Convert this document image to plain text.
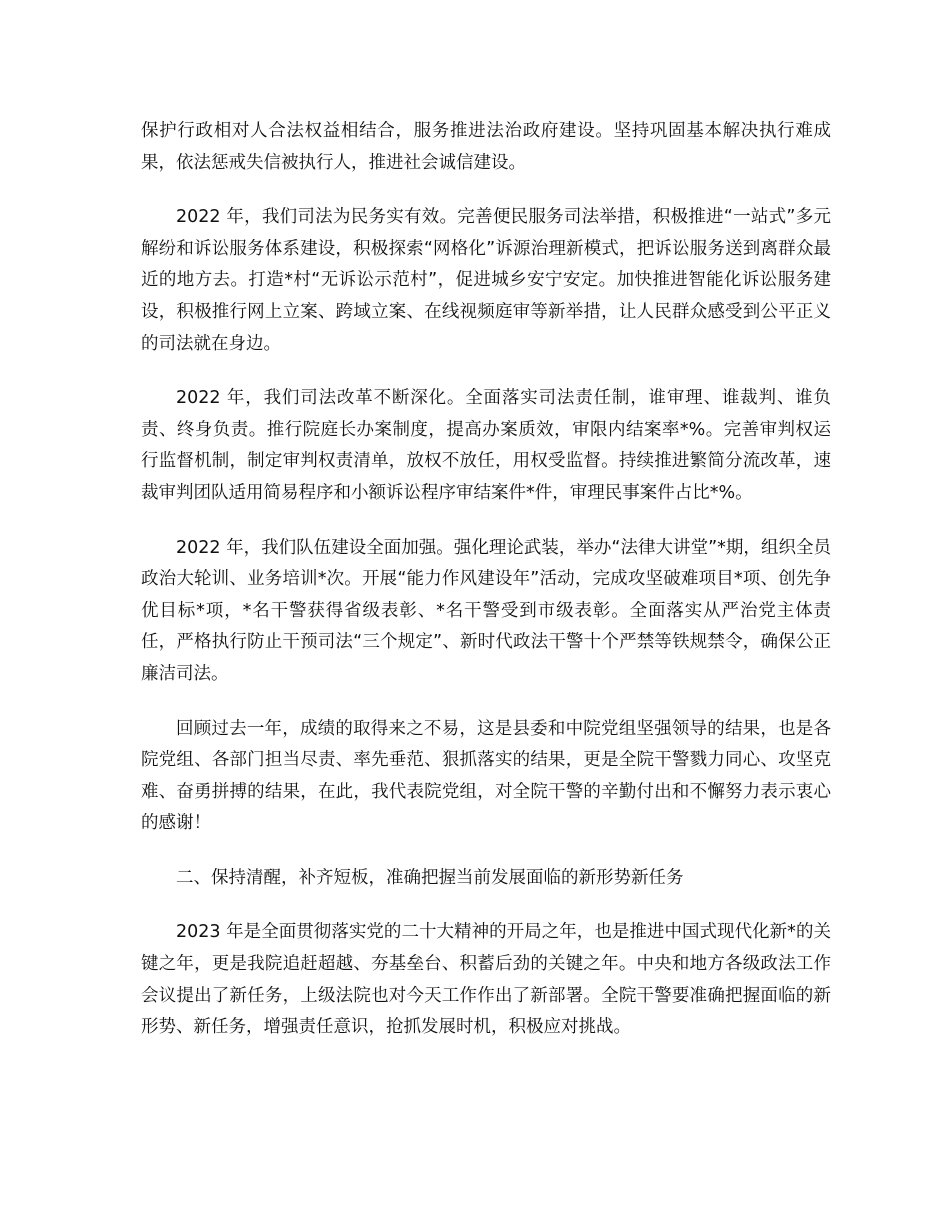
保护行政相对人合法权益相结合，服务推进法治政府建设。坚持巩固基本解决执行难成果，依法惩戒失信被执行人，推进社会诚信建设。

2022 年，我们司法为民务实有效。完善便民服务司法举措，积极推进“一站式”多元解纷和诉讼服务体系建设，积极探索“网格化”诉源治理新模式，把诉讼服务送到离群众最近的地方去。打造*村“无诉讼示范村”，促进城乡安宁安定。加快推进智能化诉讼服务建设，积极推行网上立案、跨域立案、在线视频庭审等新举措，让人民群众感受到公平正义的司法就在身边。

2022 年，我们司法改革不断深化。全面落实司法责任制，谁审理、谁裁判、谁负责、终身负责。推行院庭长办案制度，提高办案质效，审限内结案率*%。完善审判权运行监督机制，制定审判权责清单，放权不放任，用权受监督。持续推进繁简分流改革，速裁审判团队适用简易程序和小额诉讼程序审结案件*件，审理民事案件占比*%。

2022 年，我们队伍建设全面加强。强化理论武装，举办“法律大讲堂”*期，组织全员政治大轮训、业务培训*次。开展“能力作风建设年”活动，完成攻坚破难项目*项、创先争优目标*项，*名干警获得省级表彰、*名干警受到市级表彰。全面落实从严治党主体责任，严格执行防止干预司法“三个规定”、新时代政法干警十个严禁等铁规禁令，确保公正廉洁司法。

回顾过去一年，成绩的取得来之不易，这是县委和中院党组坚强领导的结果，也是各院党组、各部门担当尽责、率先垂范、狠抓落实的结果，更是全院干警戮力同心、攻坚克难、奋勇拼搏的结果，在此，我代表院党组，对全院干警的辛勤付出和不懈努力表示衷心的感谢！

二、保持清醒，补齐短板，准确把握当前发展面临的新形势新任务

2023 年是全面贯彻落实党的二十大精神的开局之年，也是推进中国式现代化新*的关键之年，更是我院追赶超越、夯基垒台、积蓄后劲的关键之年。中央和地方各级政法工作会议提出了新任务，上级法院也对今天工作作出了新部署。全院干警要准确把握面临的新形势、新任务，增强责任意识，抢抓发展时机，积极应对挑战。
